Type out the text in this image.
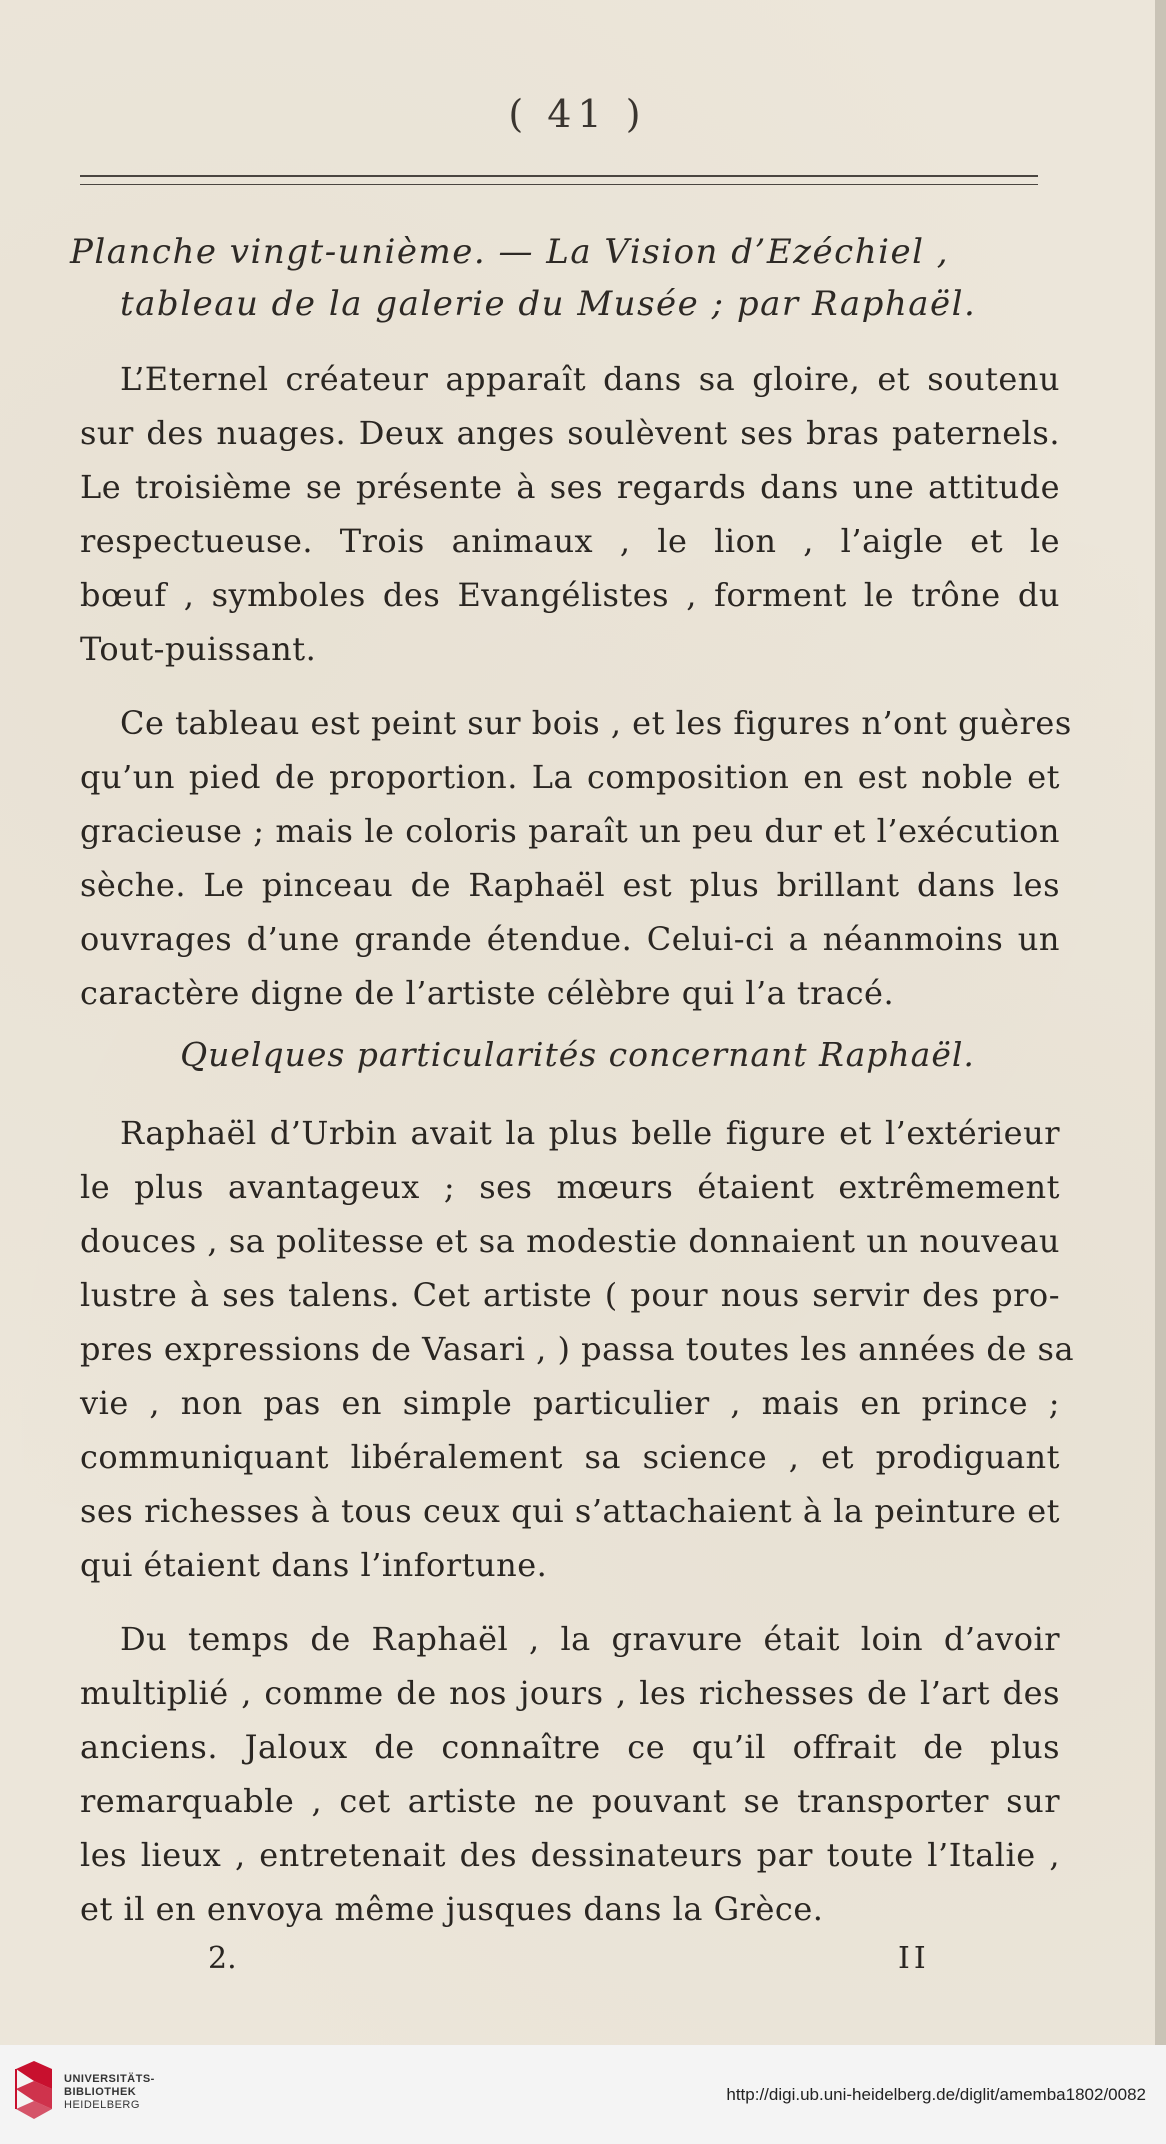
( 41 )
Planche vingt-unième. — La Vision d’Ezéchiel ,
tableau de la galerie du Musée ; par Raphaël.
L’Eternel créateur apparaît dans sa gloire, et soutenu
sur des nuages. Deux anges soulèvent ses bras paternels.
Le troisième se présente à ses regards dans une attitude
respectueuse. Trois animaux , le lion , l’aigle et le
bœuf , symboles des Evangélistes , forment le trône du
Tout-puissant.
Ce tableau est peint sur bois , et les figures n’ont guères
qu’un pied de proportion. La composition en est noble et
gracieuse ; mais le coloris paraît un peu dur et l’exécution
sèche. Le pinceau de Raphaël est plus brillant dans les
ouvrages d’une grande étendue. Celui-ci a néanmoins un
caractère digne de l’artiste célèbre qui l’a tracé.
Quelques particularités concernant Raphaël.
Raphaël d’Urbin avait la plus belle figure et l’extérieur
le plus avantageux ; ses mœurs étaient extrêmement
douces , sa politesse et sa modestie donnaient un nouveau
lustre à ses talens. Cet artiste ( pour nous servir des pro-
pres expressions de Vasari , ) passa toutes les années de sa
vie , non pas en simple particulier , mais en prince ;
communiquant libéralement sa science , et prodiguant
ses richesses à tous ceux qui s’attachaient à la peinture et
qui étaient dans l’infortune.
Du temps de Raphaël , la gravure était loin d’avoir
multiplié , comme de nos jours , les richesses de l’art des
anciens. Jaloux de connaître ce qu’il offrait de plus
remarquable , cet artiste ne pouvant se transporter sur
les lieux , entretenait des dessinateurs par toute l’Italie ,
et il en envoya même jusques dans la Grèce.
2.	II
UNIVERSITÄTS-
BIBLIOTHEK
HEIDELBERG
http://digi.ub.uni-heidelberg.de/diglit/amemba1802/0082
